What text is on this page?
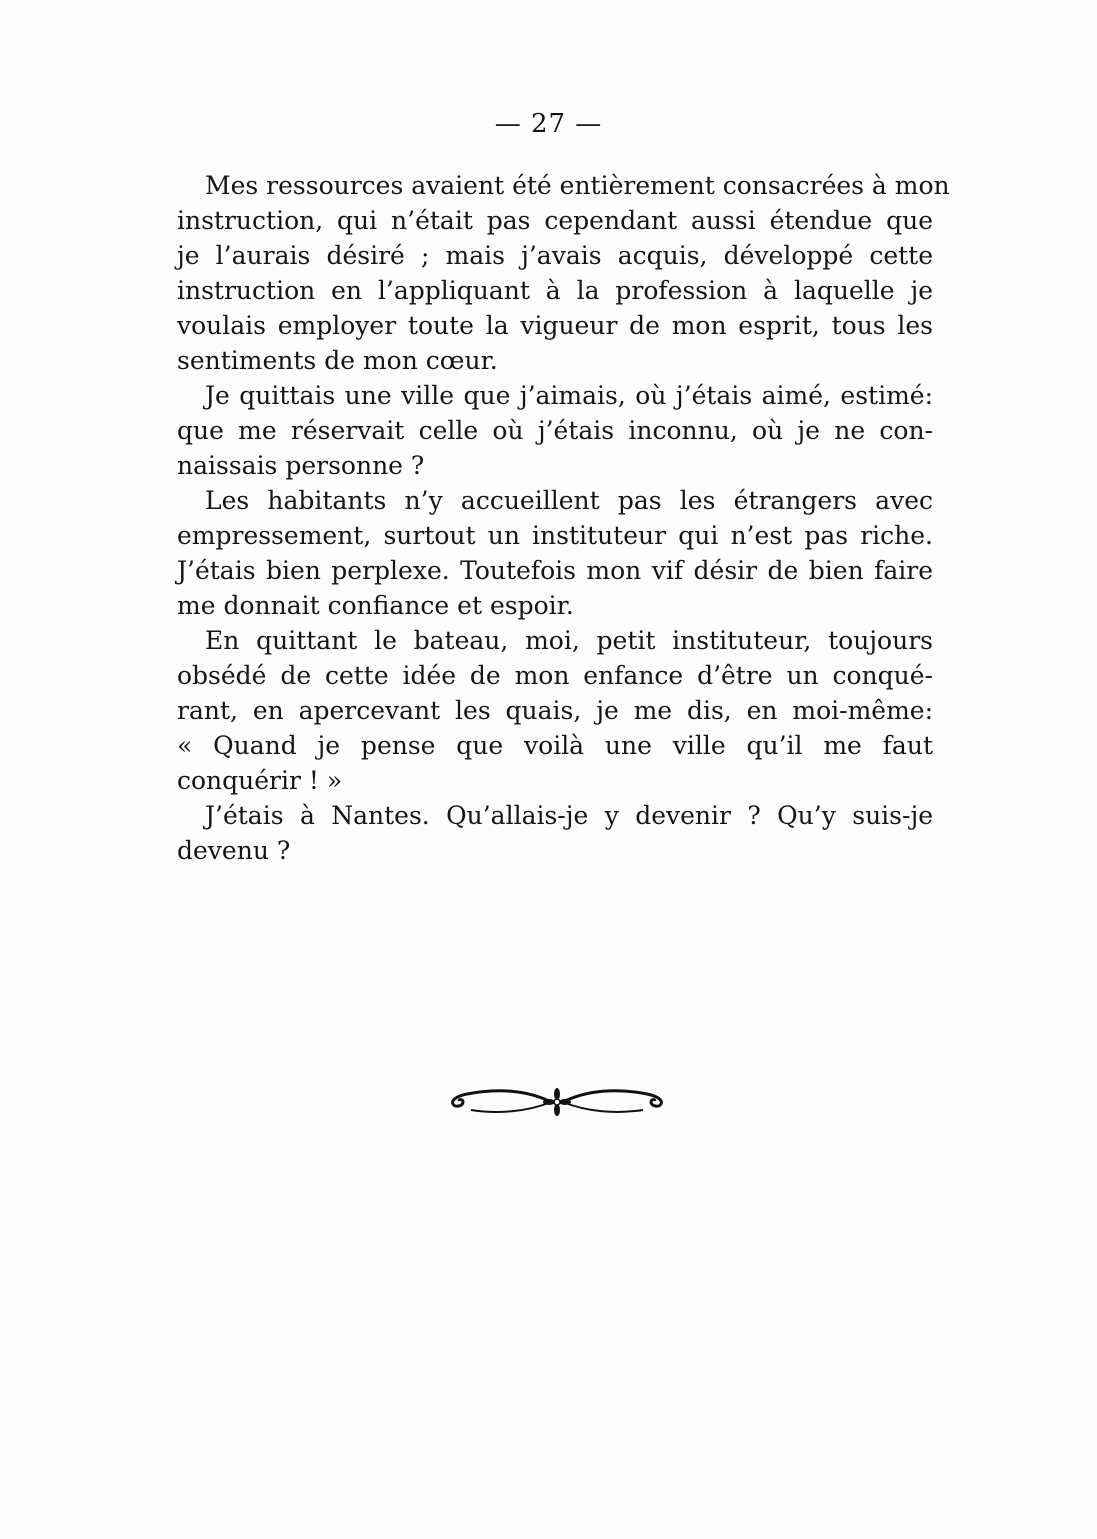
— 27 —
Mes ressources avaient été entièrement consacrées à mon
instruction, qui n’était pas cependant aussi étendue que
je l’aurais désiré ; mais j’avais acquis, développé cette
instruction en l’appliquant à la profession à laquelle je
voulais employer toute la vigueur de mon esprit, tous les
sentiments de mon cœur.
Je quittais une ville que j’aimais, où j’étais aimé, estimé:
que me réservait celle où j’étais inconnu, où je ne con-
naissais personne ?
Les habitants n’y accueillent pas les étrangers avec
empressement, surtout un instituteur qui n’est pas riche.
J’étais bien perplexe. Toutefois mon vif désir de bien faire
me donnait confiance et espoir.
En quittant le bateau, moi, petit instituteur, toujours
obsédé de cette idée de mon enfance d’être un conqué-
rant, en apercevant les quais, je me dis, en moi-même:
« Quand je pense que voilà une ville qu’il me faut
conquérir ! »
J’étais à Nantes. Qu’allais-je y devenir ? Qu’y suis-je
devenu ?
